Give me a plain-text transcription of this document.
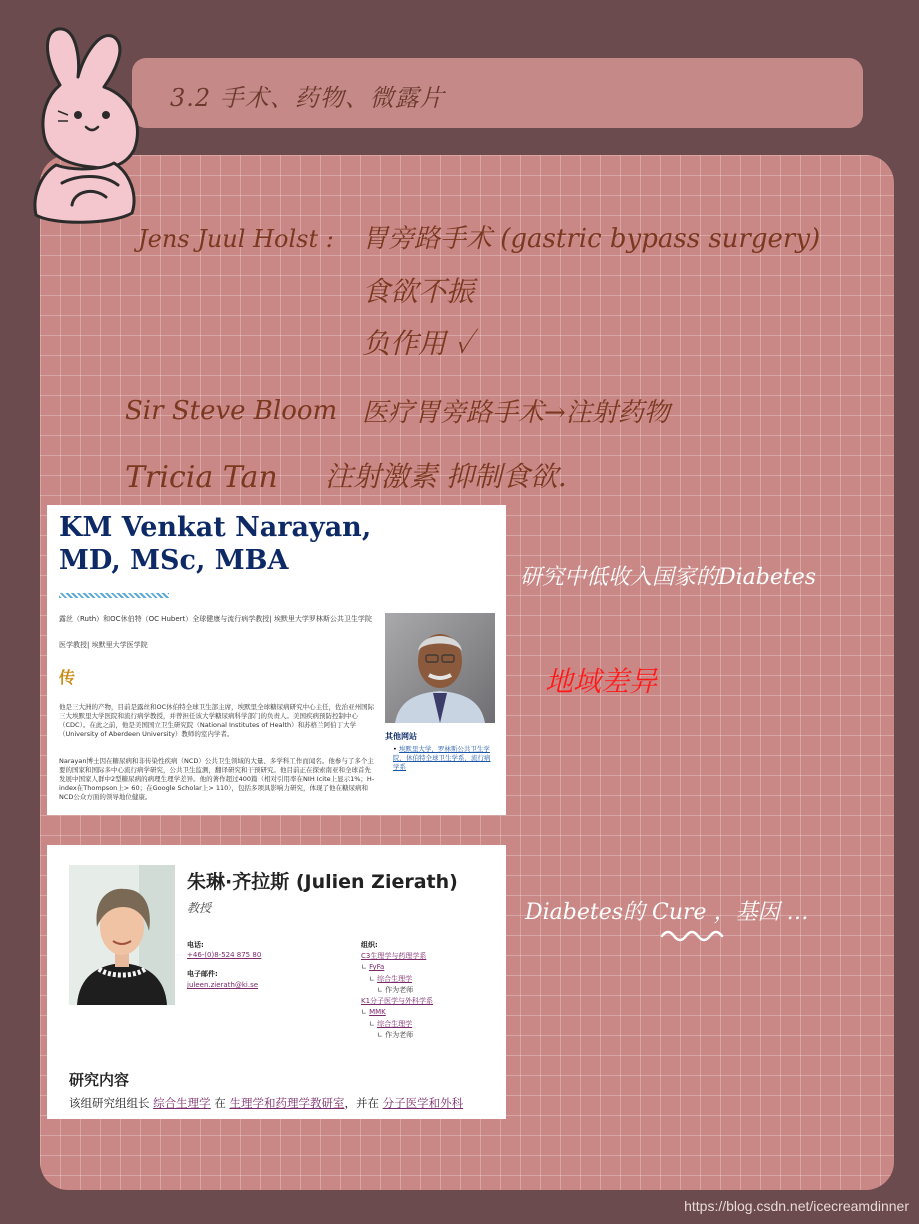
3.2 手术、药物、微露片
Jens Juul Holst : 胃旁路手术 (gastric bypass surgery)
食欲不振
负作用 ✓
Sir Steve Bloom 医疗胃旁路手术→注射药物
Tricia Tan 注射激素 抑制食欲.
研究中低收入国家的Diabetes
地域差异
Diabetes的 Cure ，基因 …
KM Venkat Narayan,
MD, MSc, MBA
露丝（Ruth）和OC休伯特（OC Hubert）全球健康与流行病学教授| 埃默里大学罗林斯公共卫生学院
医学教授| 埃默里大学医学院
传
他是三大洲的产物，目前是露丝和OC休伯特全球卫生部主席，埃默里全球糖尿病研究中心主任，佐治亚州国际三大埃默里大学医院和流行病学教授，并曾担任该大学糖尿病科学部门的负责人。美国疾病预防控制中心（CDC）。在此之前，他是美国国立卫生研究院（National Institutes of Health）和苏格兰阿伯丁大学（University of Aberdeen University）教师的室内学者。
Narayan博士因在糖尿病和非传染性疾病（NCD）公共卫生领域的大量、多学科工作而闻名。他参与了多个主要的国家和国际多中心流行病学研究，公共卫生监测，翻译研究和干预研究。他目前正在探索南亚和全球首先发展中国家人群中2型糖尿病的病理生理学差异。他的著作超过400篇（相对引用率在NIH Icite上显示1%；H-index在Thompson上> 60；在Google Scholar上> 110），包括多项具影响力研究，体现了他在糖尿病和NCD公众方面的领导地位健康。
其他网站
• 埃默里大学，罗林斯公共卫生学院，休伯特全球卫生学系，流行病学系
朱琳·齐拉斯 (Julien Zierath)
教授
电话:
+46-(0)8-524 875 80
电子邮件:
juleen.zierath@ki.se
组织:
C3生理学与药理学系
∟ FyFa
∟ 综合生理学
∟ 作为老师
K1分子医学与外科学系
∟ MMK
∟ 综合生理学
∟ 作为老师
研究内容
该组研究组组长 综合生理学 在 生理学和药理学教研室，并在 分子医学和外科
https://blog.csdn.net/icecreamdinner
